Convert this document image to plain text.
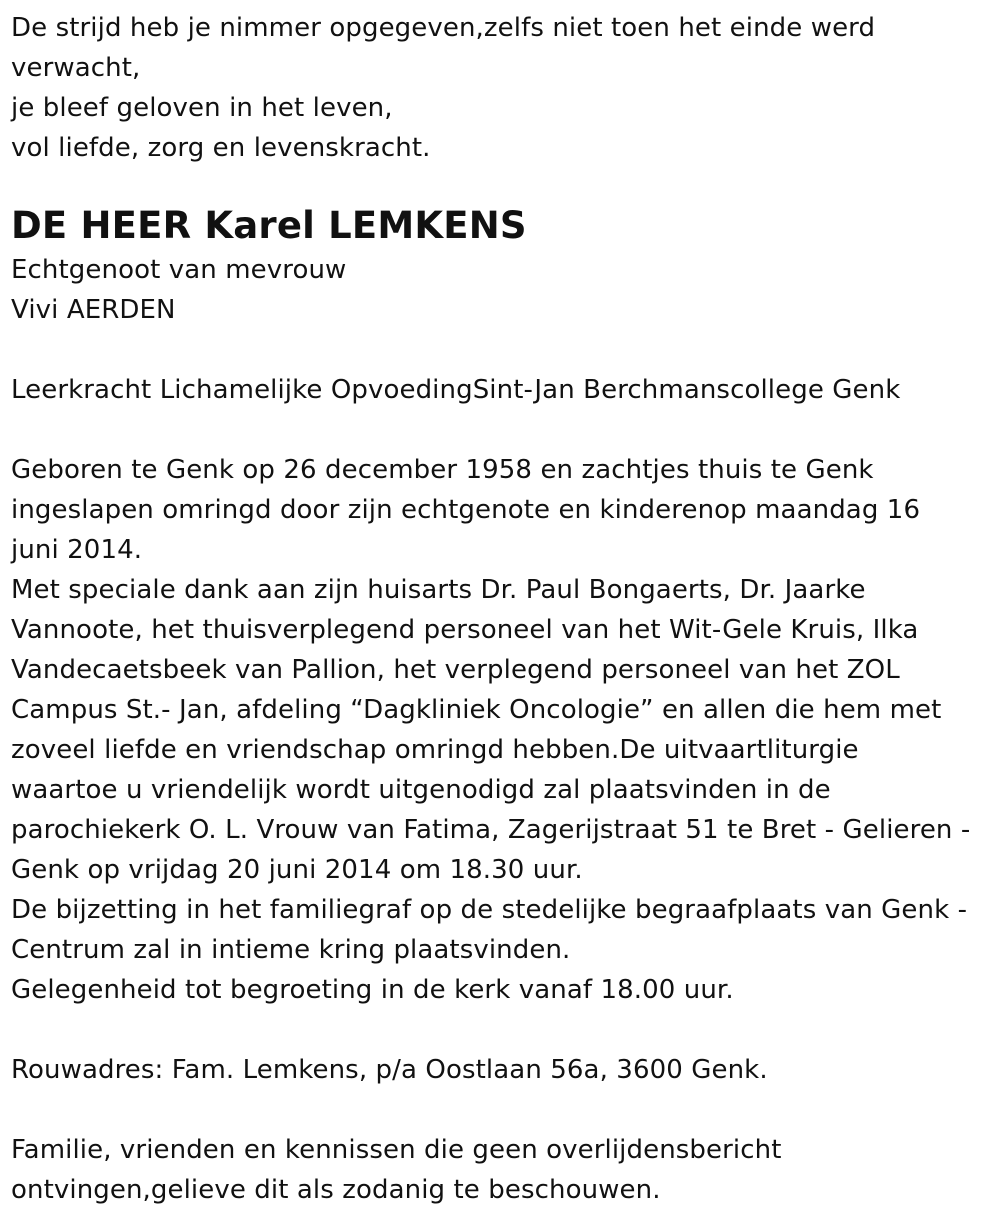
De strijd heb je nimmer opgegeven,zelfs niet toen het einde werd
verwacht,
je bleef geloven in het leven,
vol liefde, zorg en levenskracht.
DE HEER Karel LEMKENS
Echtgenoot van mevrouw
Vivi AERDEN
Leerkracht Lichamelijke OpvoedingSint-Jan Berchmanscollege Genk
Geboren te Genk op 26 december 1958 en zachtjes thuis te Genk
ingeslapen omringd door zijn echtgenote en kinderenop maandag 16
juni 2014.
Met speciale dank aan zijn huisarts Dr. Paul Bongaerts, Dr. Jaarke
Vannoote, het thuisverplegend personeel van het Wit-Gele Kruis, Ilka
Vandecaetsbeek van Pallion, het verplegend personeel van het ZOL
Campus St.- Jan, afdeling “Dagkliniek Oncologie” en allen die hem met
zoveel liefde en vriendschap omringd hebben.De uitvaartliturgie
waartoe u vriendelijk wordt uitgenodigd zal plaatsvinden in de
parochiekerk O. L. Vrouw van Fatima, Zagerijstraat 51 te Bret - Gelieren -
Genk op vrijdag 20 juni 2014 om 18.30 uur.
De bijzetting in het familiegraf op de stedelijke begraafplaats van Genk -
Centrum zal in intieme kring plaatsvinden.
Gelegenheid tot begroeting in de kerk vanaf 18.00 uur.
Rouwadres: Fam. Lemkens, p/a Oostlaan 56a, 3600 Genk.
Familie, vrienden en kennissen die geen overlijdensbericht
ontvingen,gelieve dit als zodanig te beschouwen.
